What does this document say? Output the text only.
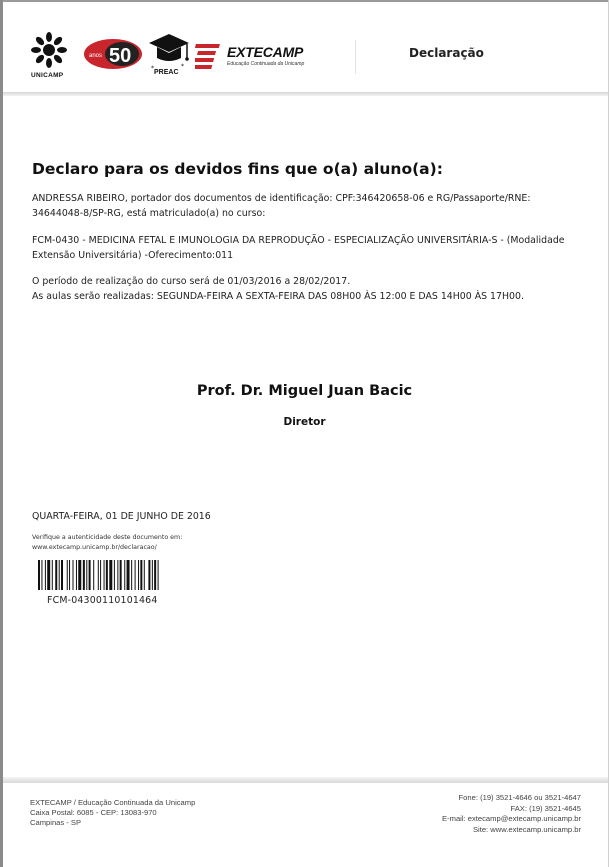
UNICAMP
anos 50
*	*
PREAC
EXTECAMP
Educação Continuada da Unicamp
Declaração
Declaro para os devidos fins que o(a) aluno(a):
ANDRESSA RIBEIRO, portador dos documentos de identificação: CPF:346420658-06 e RG/Passaporte/RNE:
34644048-8/SP-RG, está matriculado(a) no curso:
FCM-0430 - MEDICINA FETAL E IMUNOLOGIA DA REPRODUÇÃO - ESPECIALIZAÇÃO UNIVERSITÁRIA-S - (Modalidade
Extensão Universitária) -Oferecimento:011
O período de realização do curso será de 01/03/2016 a 28/02/2017.
As aulas serão realizadas: SEGUNDA-FEIRA A SEXTA-FEIRA DAS 08H00 ÀS 12:00 E DAS 14H00 ÀS 17H00.
Prof. Dr. Miguel Juan Bacic
Diretor
QUARTA-FEIRA, 01 DE JUNHO DE 2016
Verifique a autenticidade deste documento em:
www.extecamp.unicamp.br/declaracao/
FCM-04300110101464
EXTECAMP / Educação Continuada da Unicamp
Caixa Postal: 6085 - CEP: 13083-970
Campinas - SP
Fone: (19) 3521-4646 ou 3521-4647
FAX: (19) 3521-4645
E-mail: extecamp@extecamp.unicamp.br
Site: www.extecamp.unicamp.br
